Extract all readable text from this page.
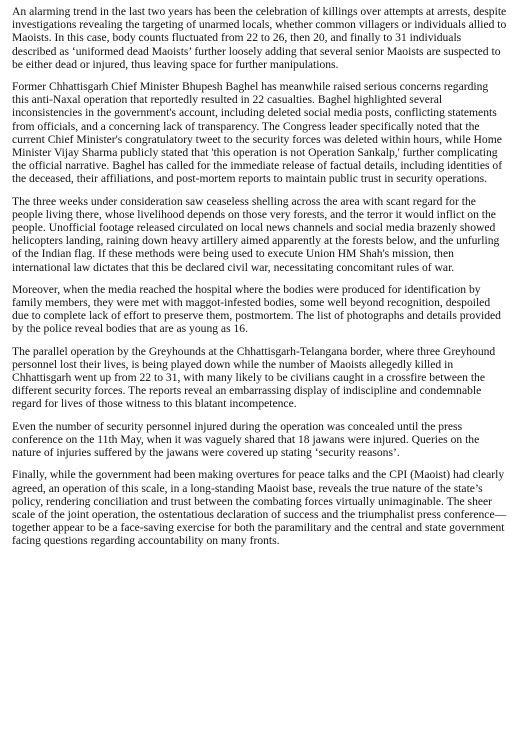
An alarming trend in the last two years has been the celebration of killings over attempts at arrests, despite investigations revealing the targeting of unarmed locals, whether common villagers or individuals allied to Maoists. In this case, body counts fluctuated from 22 to 26, then 20, and finally to 31 individuals described as ‘uniformed dead Maoists’ further loosely adding that several senior Maoists are suspected to be either dead or injured, thus leaving space for further manipulations.

Former Chhattisgarh Chief Minister Bhupesh Baghel has meanwhile raised serious concerns regarding this anti-Naxal operation that reportedly resulted in 22 casualties. Baghel highlighted several inconsistencies in the government's account, including deleted social media posts, conflicting statements from officials, and a concerning lack of transparency. The Congress leader specifically noted that the current Chief Minister's congratulatory tweet to the security forces was deleted within hours, while Home Minister Vijay Sharma publicly stated that 'this operation is not Operation Sankalp,' further complicating the official narrative. Baghel has called for the immediate release of factual details, including identities of the deceased, their affiliations, and post-mortem reports to maintain public trust in security operations.

The three weeks under consideration saw ceaseless shelling across the area with scant regard for the people living there, whose livelihood depends on those very forests, and the terror it would inflict on the people. Unofficial footage released circulated on local news channels and social media brazenly showed helicopters landing, raining down heavy artillery aimed apparently at the forests below, and the unfurling of the Indian flag. If these methods were being used to execute Union HM Shah's mission, then international law dictates that this be declared civil war, necessitating concomitant rules of war.

Moreover, when the media reached the hospital where the bodies were produced for identification by family members, they were met with maggot-infested bodies, some well beyond recognition, despoiled due to complete lack of effort to preserve them, postmortem. The list of photographs and details provided by the police reveal bodies that are as young as 16.

The parallel operation by the Greyhounds at the Chhattisgarh-Telangana border, where three Greyhound personnel lost their lives, is being played down while the number of Maoists allegedly killed in Chhattisgarh went up from 22 to 31, with many likely to be civilians caught in a crossfire between the different security forces. The reports reveal an embarrassing display of indiscipline and condemnable regard for lives of those witness to this blatant incompetence.

Even the number of security personnel injured during the operation was concealed until the press conference on the 11th May, when it was vaguely shared that 18 jawans were injured. Queries on the nature of injuries suffered by the jawans were covered up stating ‘security reasons’.

Finally, while the government had been making overtures for peace talks and the CPI (Maoist) had clearly agreed, an operation of this scale, in a long-standing Maoist base, reveals the true nature of the state’s policy, rendering conciliation and trust between the combating forces virtually unimaginable. The sheer scale of the joint operation, the ostentatious declaration of success and the triumphalist press conference—together appear to be a face-saving exercise for both the paramilitary and the central and state government facing questions regarding accountability on many fronts.
